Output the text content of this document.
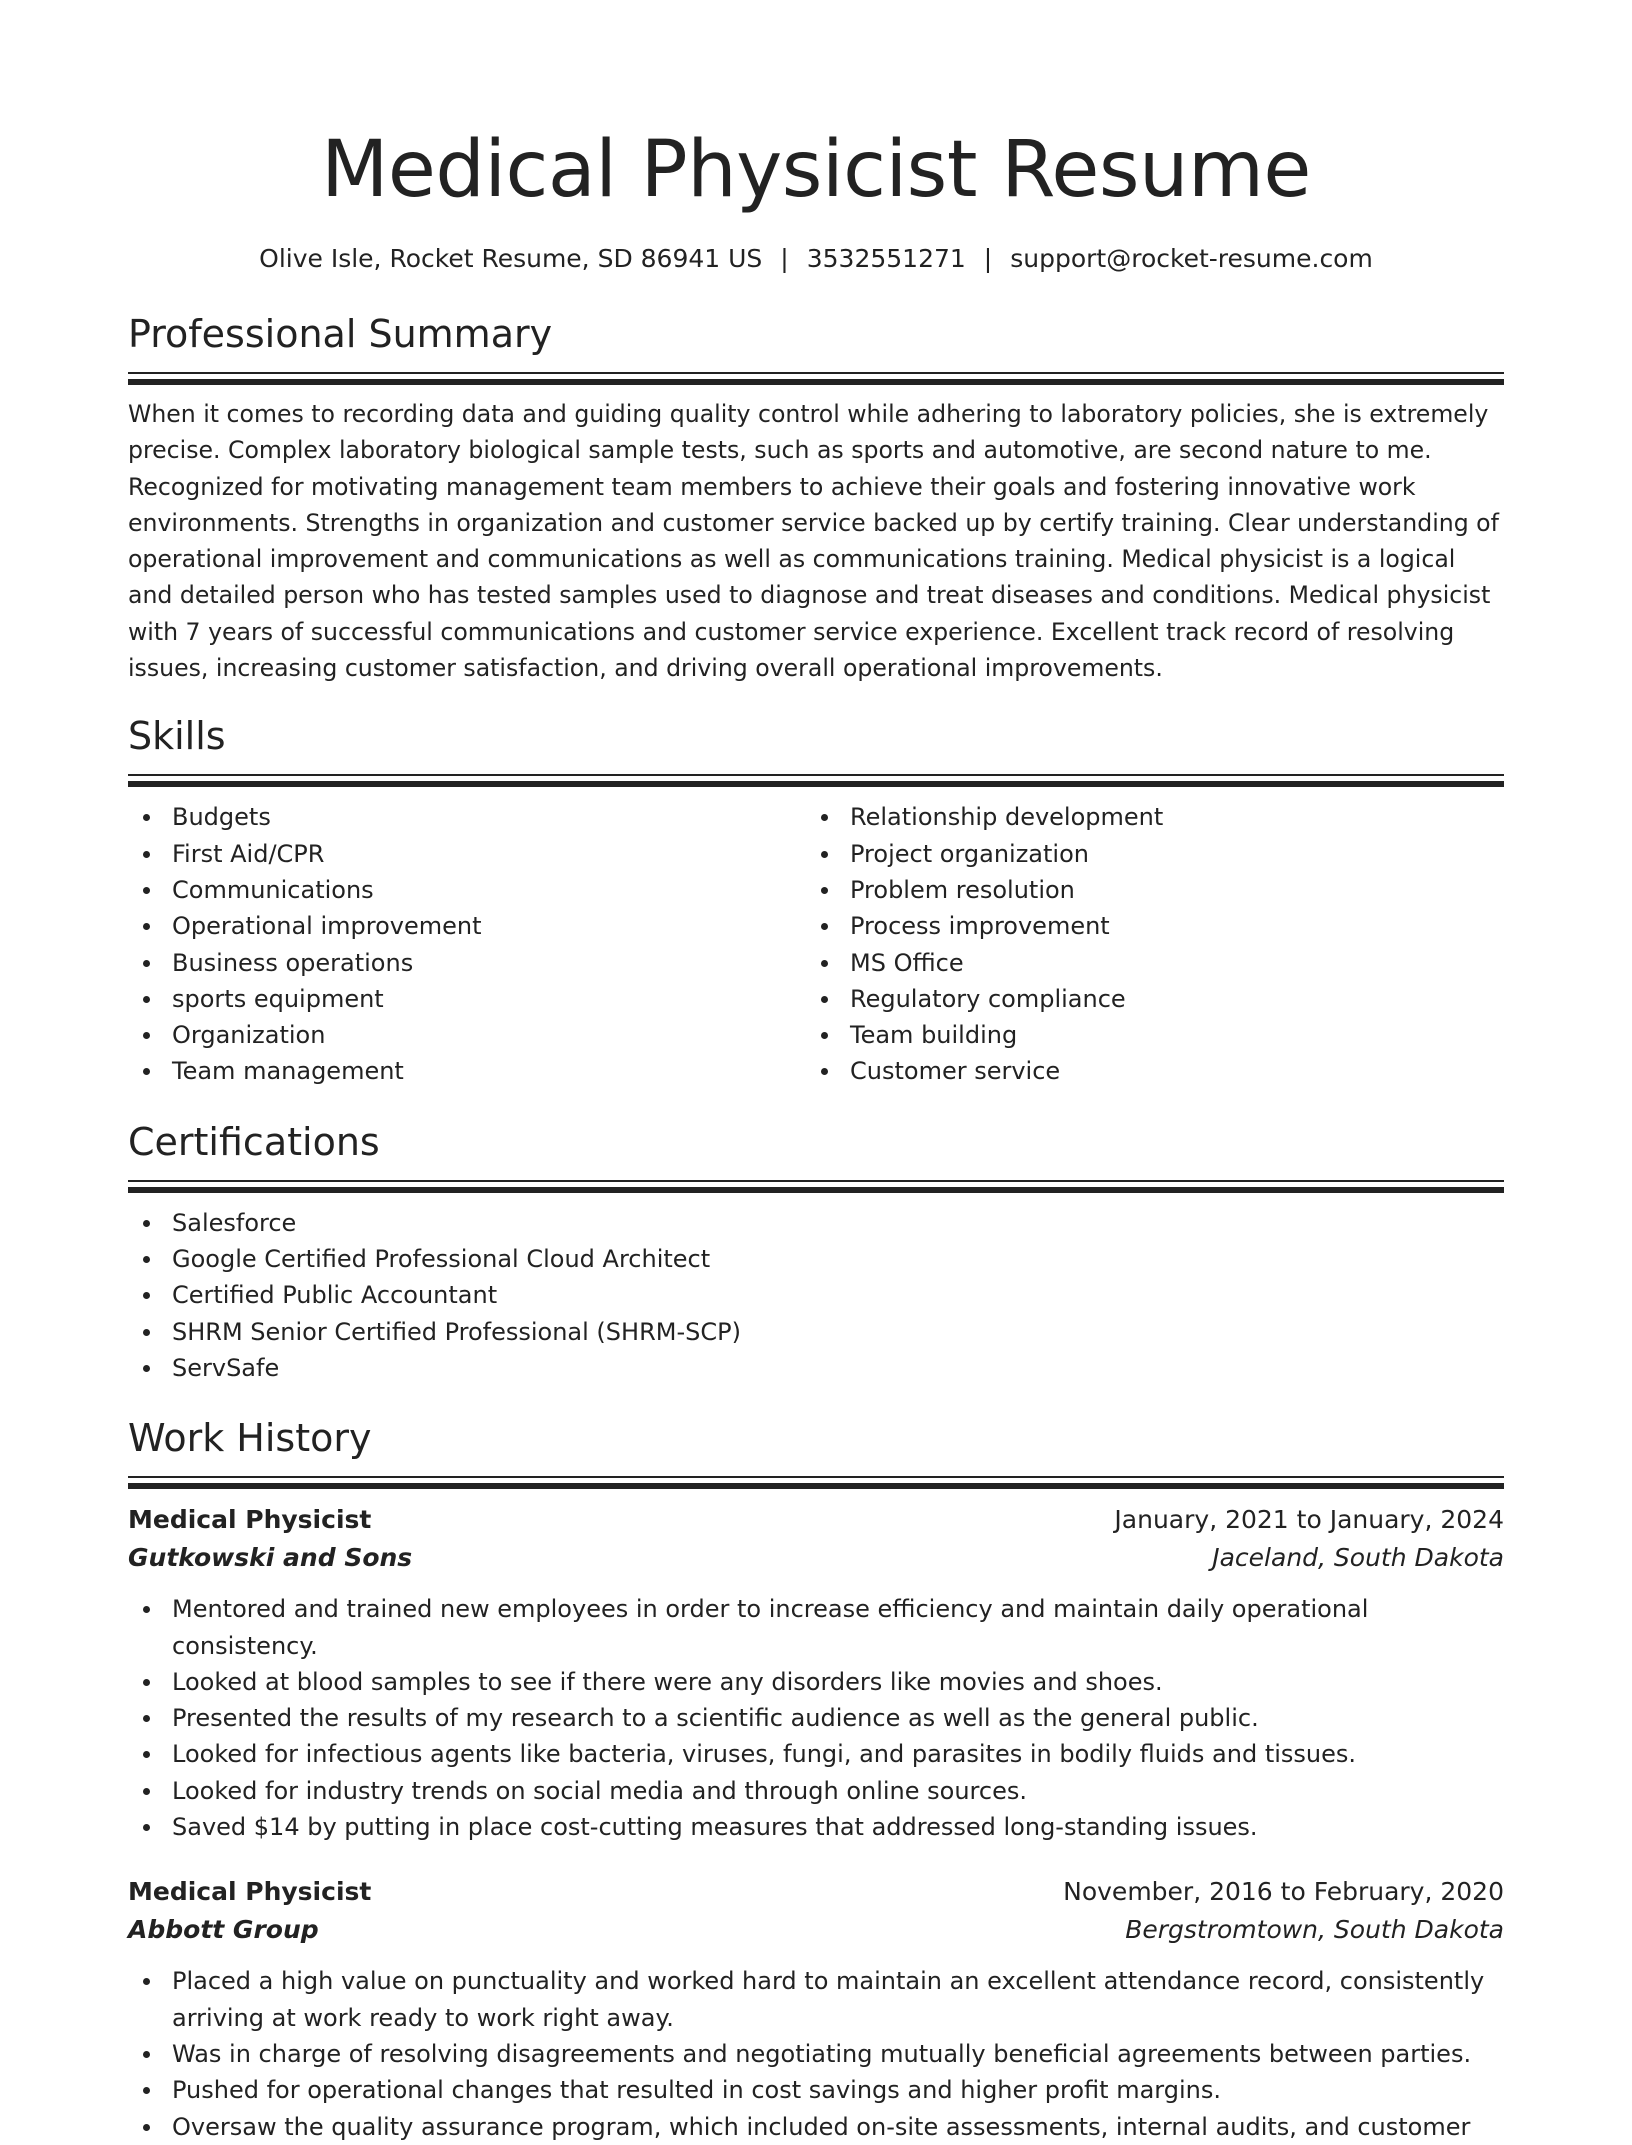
Medical Physicist Resume
Olive Isle, Rocket Resume, SD 86941 US | 3532551271 | support@rocket-resume.com
Professional Summary

When it comes to recording data and guiding quality control while adhering to laboratory policies, she is extremely precise. Complex laboratory biological sample tests, such as sports and automotive, are second nature to me. Recognized for motivating management team members to achieve their goals and fostering innovative work environments. Strengths in organization and customer service backed up by certify training. Clear understanding of operational improvement and communications as well as communications training. Medical physicist is a logical and detailed person who has tested samples used to diagnose and treat diseases and conditions. Medical physicist with 7 years of successful communications and customer service experience. Excellent track record of resolving issues, increasing customer satisfaction, and driving overall operational improvements.

Skills
Budgets
First Aid/CPR
Communications
Operational improvement
Business operations
sports equipment
Organization
Team management
Relationship development
Project organization
Problem resolution
Process improvement
MS Office
Regulatory compliance
Team building
Customer service
Certifications
Salesforce
Google Certified Professional Cloud Architect
Certified Public Accountant
SHRM Senior Certified Professional (SHRM-SCP)
ServSafe
Work History
Medical Physicist	January, 2021 to January, 2024
Gutkowski and Sons	Jaceland, South Dakota
Mentored and trained new employees in order to increase efficiency and maintain daily operational consistency.
Looked at blood samples to see if there were any disorders like movies and shoes.
Presented the results of my research to a scientific audience as well as the general public.
Looked for infectious agents like bacteria, viruses, fungi, and parasites in bodily fluids and tissues.
Looked for industry trends on social media and through online sources.
Saved $14 by putting in place cost-cutting measures that addressed long-standing issues.
Medical Physicist	November, 2016 to February, 2020
Abbott Group	Bergstromtown, South Dakota
Placed a high value on punctuality and worked hard to maintain an excellent attendance record, consistently arriving at work ready to work right away.
Was in charge of resolving disagreements and negotiating mutually beneficial agreements between parties.
Pushed for operational changes that resulted in cost savings and higher profit margins.
Oversaw the quality assurance program, which included on-site assessments, internal audits, and customer
